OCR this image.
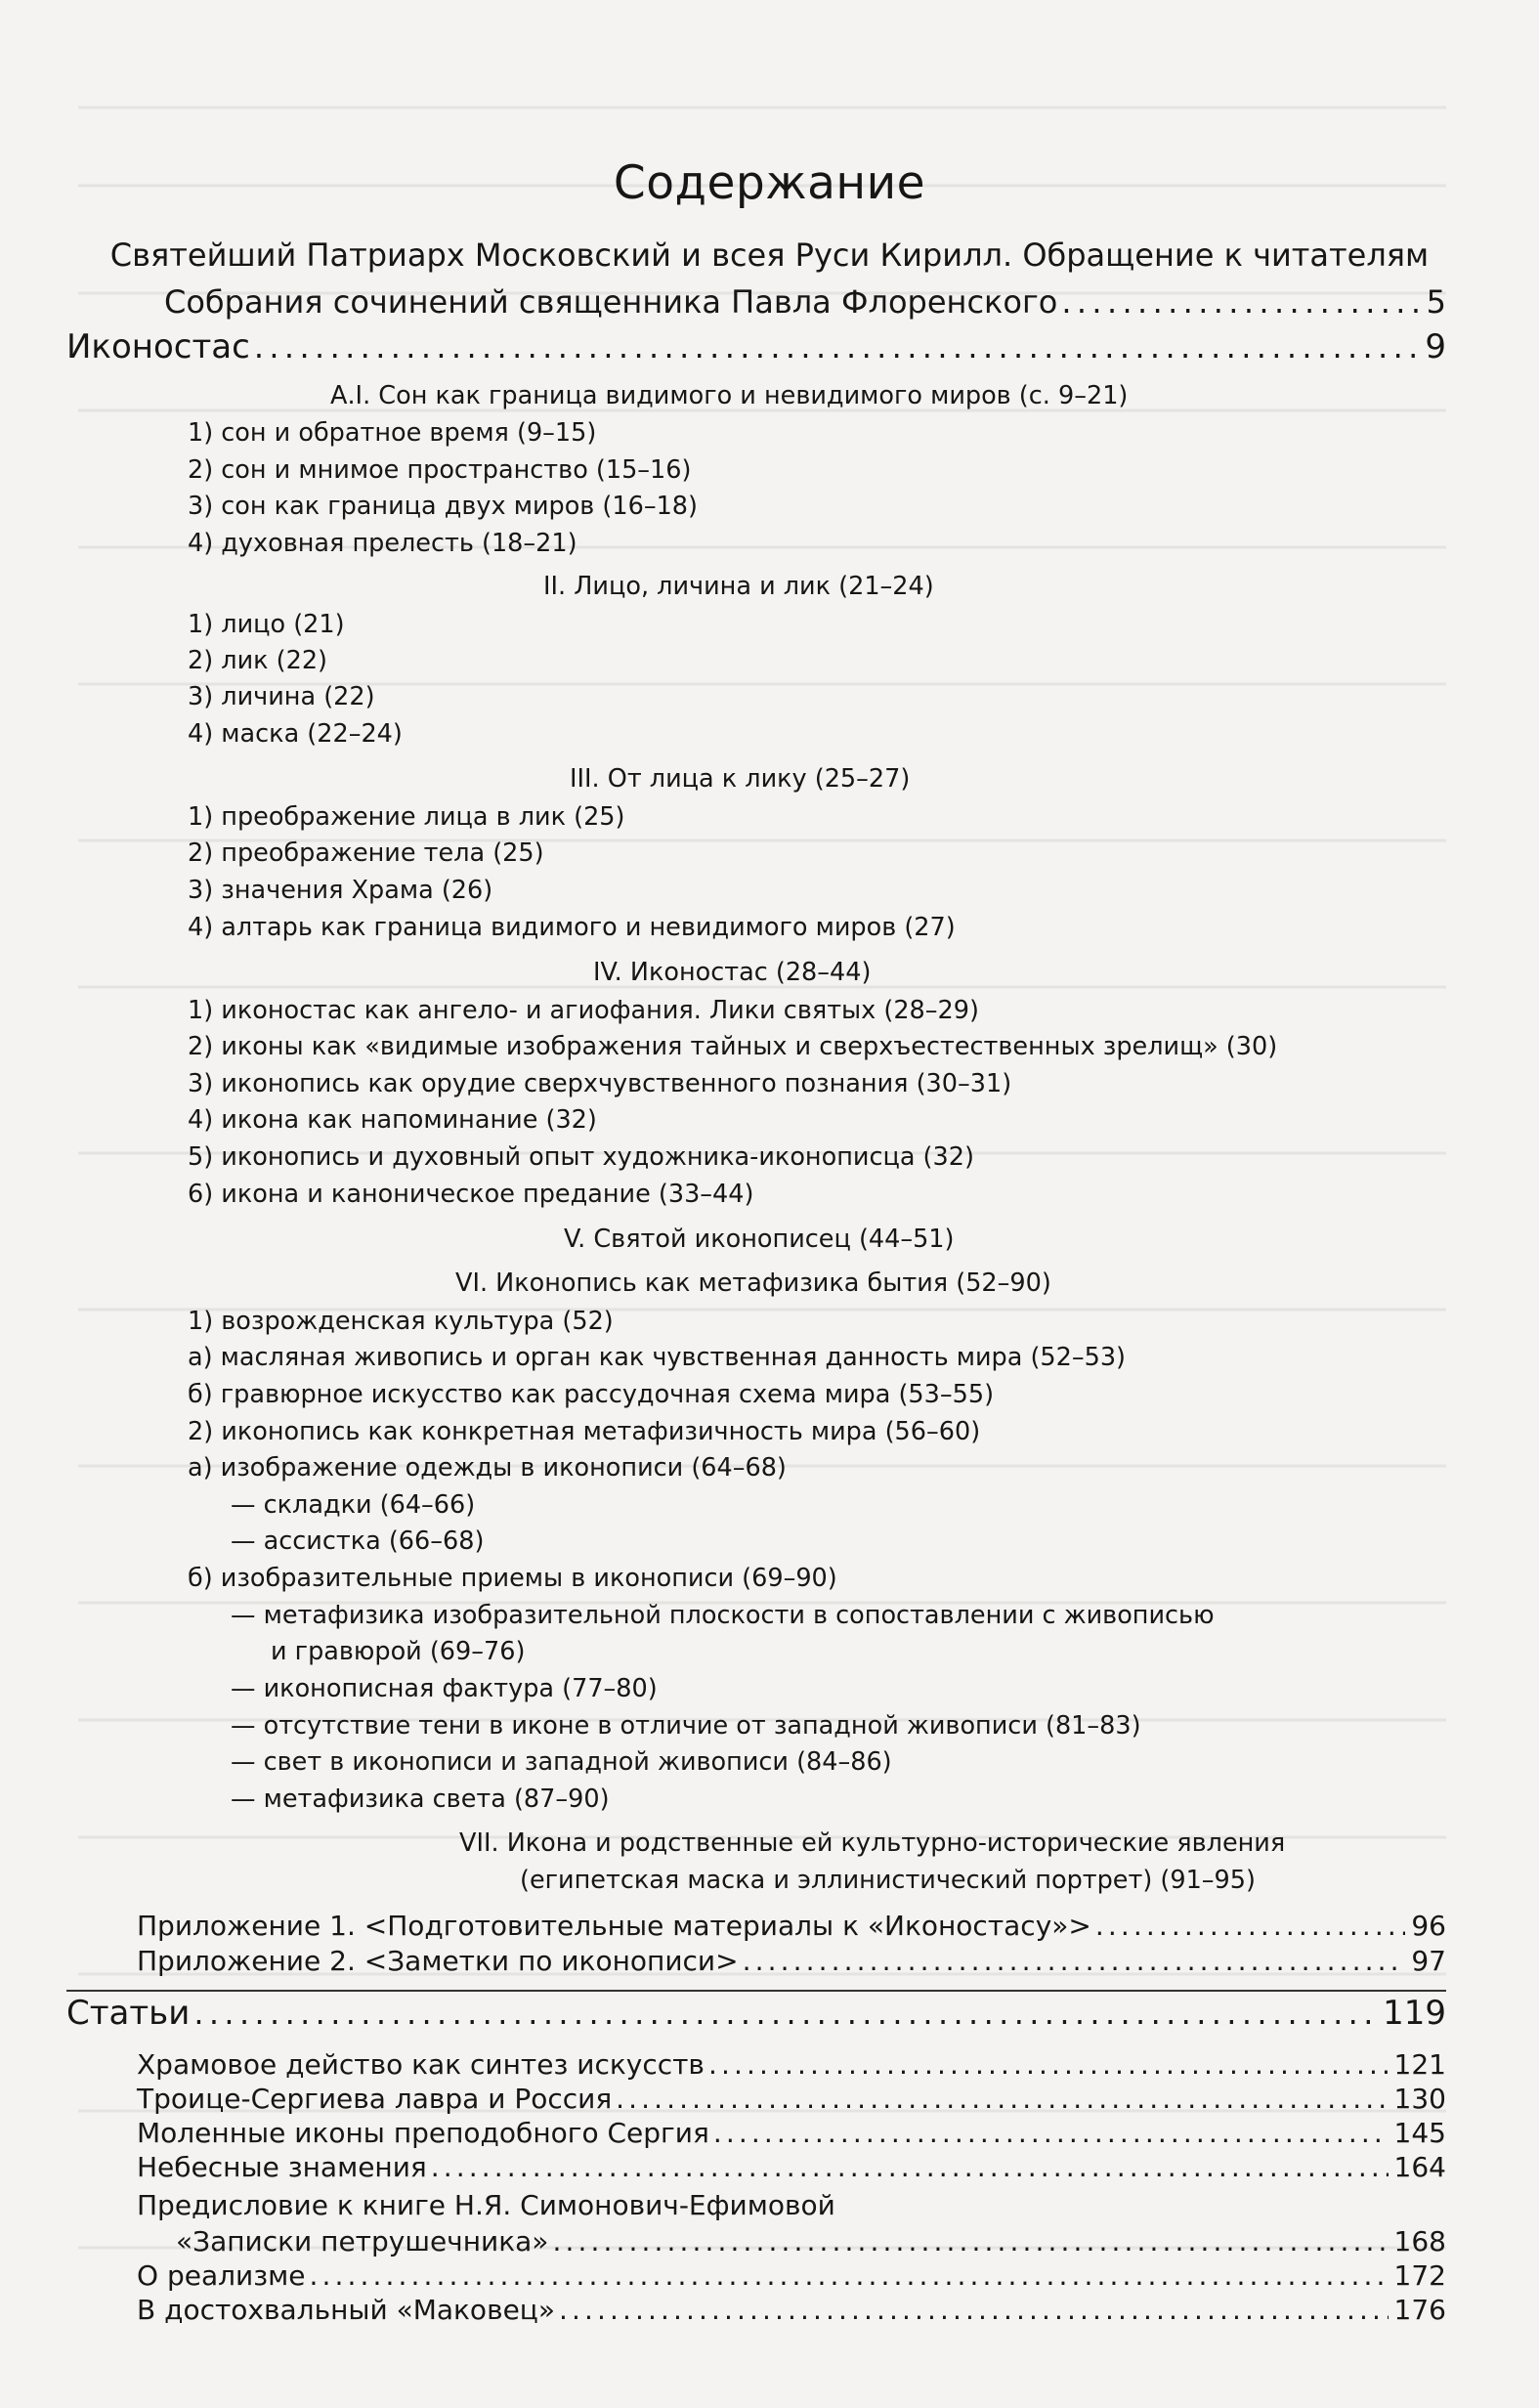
Содержание
Святейший Патриарх Московский и всея Руси Кирилл. Обращение к читателям
Собрания сочинений священника Павла Флоренского . . .	5
Иконостас . . .	9
А.I. Сон как граница видимого и невидимого миров (с. 9–21)
1) сон и обратное время (9–15)
2) сон и мнимое пространство (15–16)
3) сон как граница двух миров (16–18)
4) духовная прелесть (18–21)
II. Лицо, личина и лик (21–24)
1) лицо (21)
2) лик (22)
3) личина (22)
4) маска (22–24)
III. От лица к лику (25–27)
1) преображение лица в лик (25)
2) преображение тела (25)
3) значения Храма (26)
4) алтарь как граница видимого и невидимого миров (27)
IV. Иконостас (28–44)
1) иконостас как ангело- и агиофания. Лики святых (28–29)
2) иконы как «видимые изображения тайных и сверхъестественных зрелищ» (30)
3) иконопись как орудие сверхчувственного познания (30–31)
4) икона как напоминание (32)
5) иконопись и духовный опыт художника-иконописца (32)
6) икона и каноническое предание (33–44)
V. Святой иконописец (44–51)
VI. Иконопись как метафизика бытия (52–90)
1) возрожденская культура (52)
а) масляная живопись и орган как чувственная данность мира (52–53)
б) гравюрное искусство как рассудочная схема мира (53–55)
2) иконопись как конкретная метафизичность мира (56–60)
а) изображение одежды в иконописи (64–68)
— складки (64–66)
— ассистка (66–68)
б) изобразительные приемы в иконописи (69–90)
— метафизика изобразительной плоскости в сопоставлении с живописью
и гравюрой (69–76)
— иконописная фактура (77–80)
— отсутствие тени в иконе в отличие от западной живописи (81–83)
— свет в иконописи и западной живописи (84–86)
— метафизика света (87–90)
VII. Икона и родственные ей культурно-исторические явления
(египетская маска и эллинистический портрет) (91–95)
Приложение 1. <Подготовительные материалы к «Иконостасу»> . . .	96
Приложение 2. <Заметки по иконописи> . . .	97
Статьи . . .	119
Храмовое действо как синтез искусств . . .	121
Троице-Сергиева лавра и Россия . . .	130
Моленные иконы преподобного Сергия . . .	145
Небесные знамения . . .	164
Предисловие к книге Н.Я. Симонович-Ефимовой
«Записки петрушечника» . . .	168
О реализме . . .	172
В достохвальный «Маковец» . . .	176
